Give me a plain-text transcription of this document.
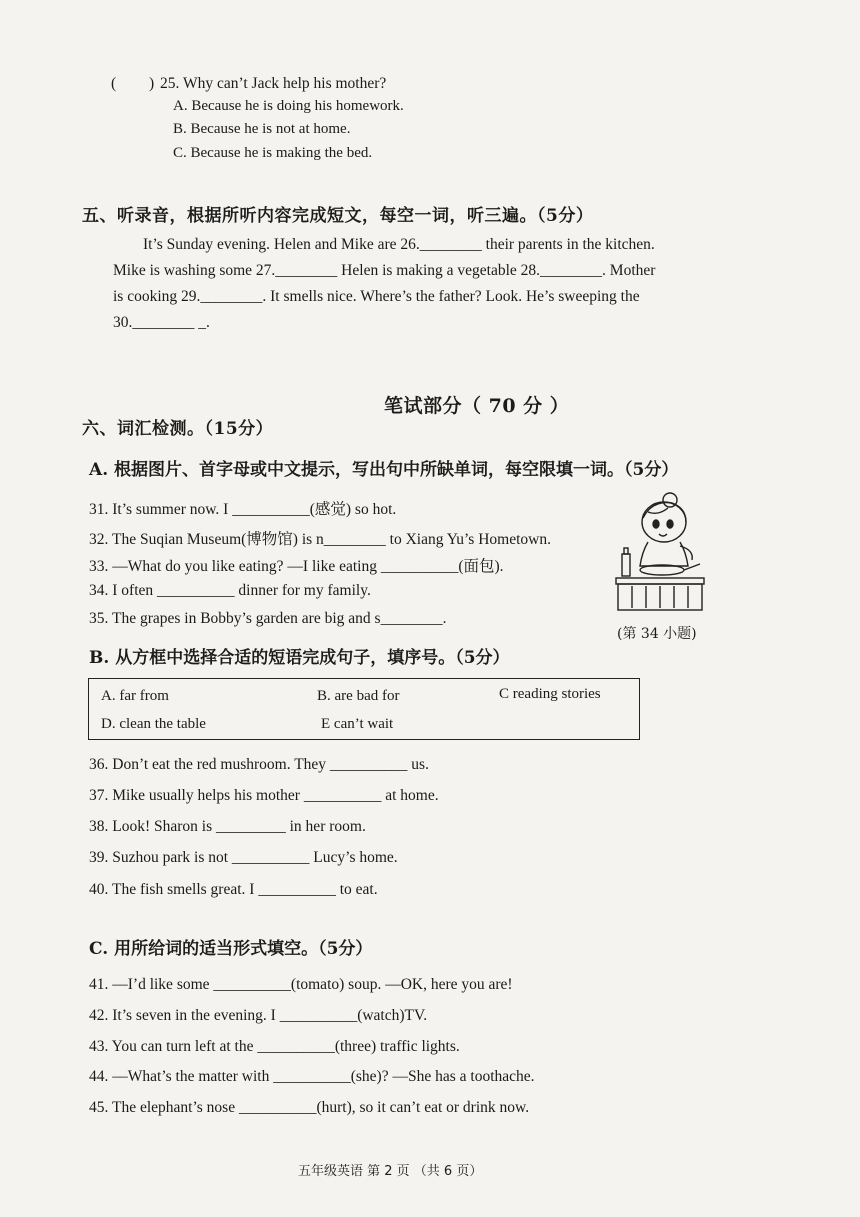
( ) 25. Why can’t Jack help his mother?
A. Because he is doing his homework.
B. Because he is not at home.
C. Because he is making the bed.
五、听录音，根据所听内容完成短文，每空一词，听三遍。（5分）
It’s Sunday evening. Helen and Mike are 26.________ their parents in the kitchen.
Mike is washing some 27.________ Helen is making a vegetable 28.________. Mother
is cooking 29.________. It smells nice. Where’s the father? Look. He’s sweeping the
30.________ _.
笔试部分（ 70 分 ）
六、词汇检测。（15分）
A. 根据图片、首字母或中文提示，写出句中所缺单词，每空限填一词。（5分）
31. It’s summer now. I __________(感觉) so hot.
32. The Suqian Museum(博物馆) is n________ to Xiang Yu’s Hometown.
33. —What do you like eating? —I like eating __________(面包).
34. I often __________ dinner for my family.
35. The grapes in Bobby’s garden are big and s________.
(第 34 小题)
B. 从方框中选择合适的短语完成句子，填序号。（5分）
A. far from	B. are bad for	C reading stories
D. clean the table	E can’t wait
36. Don’t eat the red mushroom. They __________ us.
37. Mike usually helps his mother __________ at home.
38. Look! Sharon is _________ in her room.
39. Suzhou park is not __________ Lucy’s home.
40. The fish smells great. I __________ to eat.
C. 用所给词的适当形式填空。（5分）
41. —I’d like some __________(tomato) soup. —OK, here you are!
42. It’s seven in the evening. I __________(watch)TV.
43. You can turn left at the __________(three) traffic lights.
44. —What’s the matter with __________(she)? —She has a toothache.
45. The elephant’s nose __________(hurt), so it can’t eat or drink now.
五年级英语 第 2 页 （共 6 页）
